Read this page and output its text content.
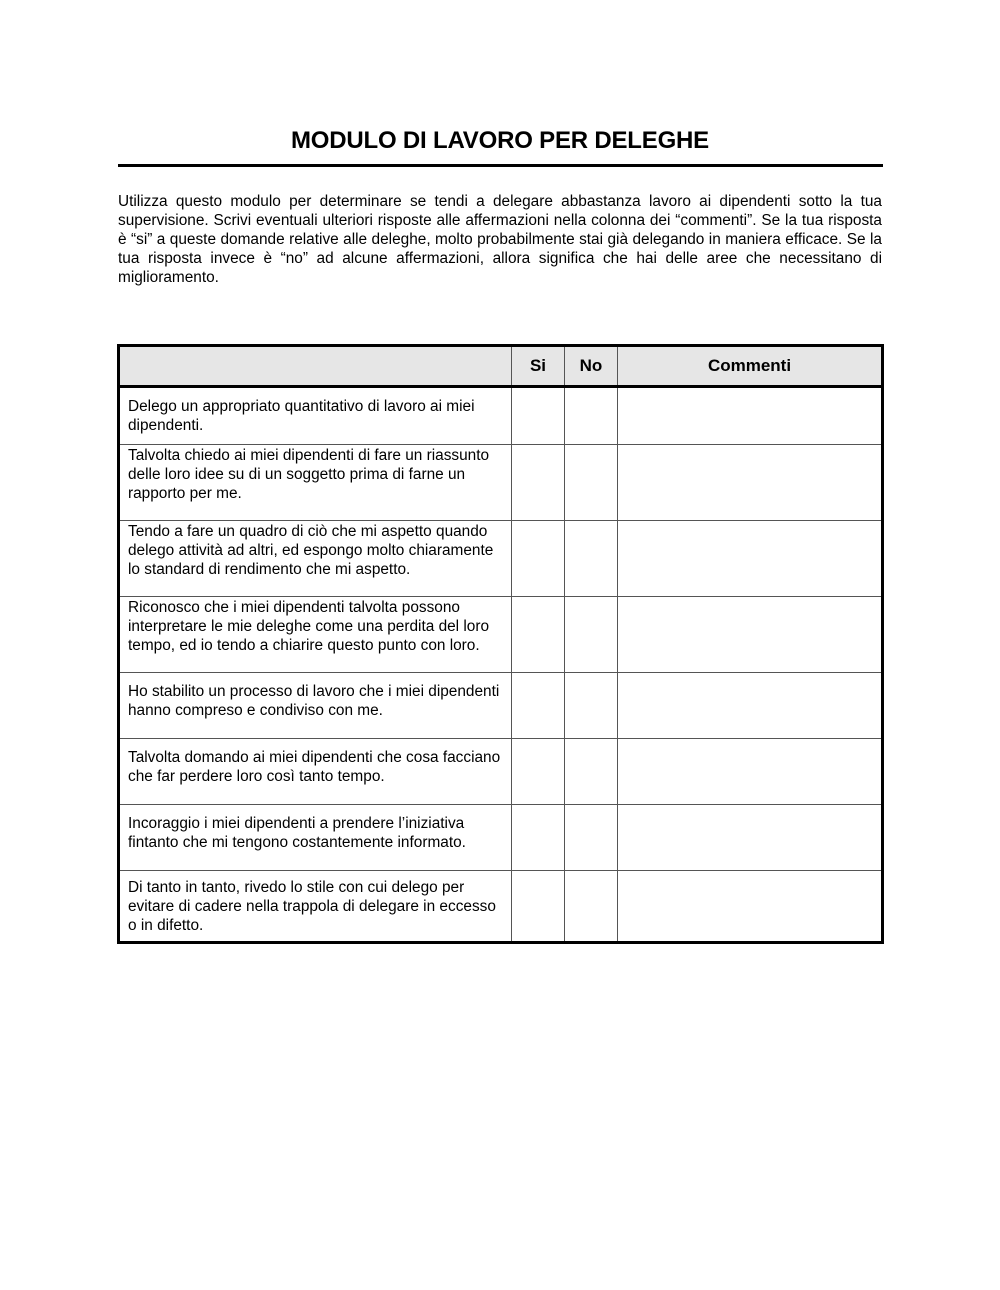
MODULO DI LAVORO PER DELEGHE

Utilizza questo modulo per determinare se tendi a delegare abbastanza lavoro ai dipendenti sotto la tua supervisione. Scrivi eventuali ulteriori risposte alle affermazioni nella colonna dei “commenti”. Se la tua risposta è “si” a queste domande relative alle deleghe, molto probabilmente stai già delegando in maniera efficace. Se la tua risposta invece è “no” ad alcune affermazioni, allora significa che hai delle aree che necessitano di miglioramento.

	Si	No	Commenti

Delego un appropriato quantitativo di lavoro ai miei dipendenti.			

Talvolta chiedo ai miei dipendenti di fare un riassunto delle loro idee su di un soggetto prima di farne un rapporto per me.			

Tendo a fare un quadro di ciò che mi aspetto quando delego attività ad altri, ed espongo molto chiaramente lo standard di rendimento che mi aspetto.			

Riconosco che i miei dipendenti talvolta possono interpretare le mie deleghe come una perdita del loro tempo, ed io tendo a chiarire questo punto con loro.			

Ho stabilito un processo di lavoro che i miei dipendenti hanno compreso e condiviso con me.			

Talvolta domando ai miei dipendenti che cosa facciano che far perdere loro così tanto tempo.			

Incoraggio i miei dipendenti a prendere l’iniziativa fintanto che mi tengono costantemente informato.			

Di tanto in tanto, rivedo lo stile con cui delego per evitare di cadere nella trappola di delegare in eccesso o in difetto.			
